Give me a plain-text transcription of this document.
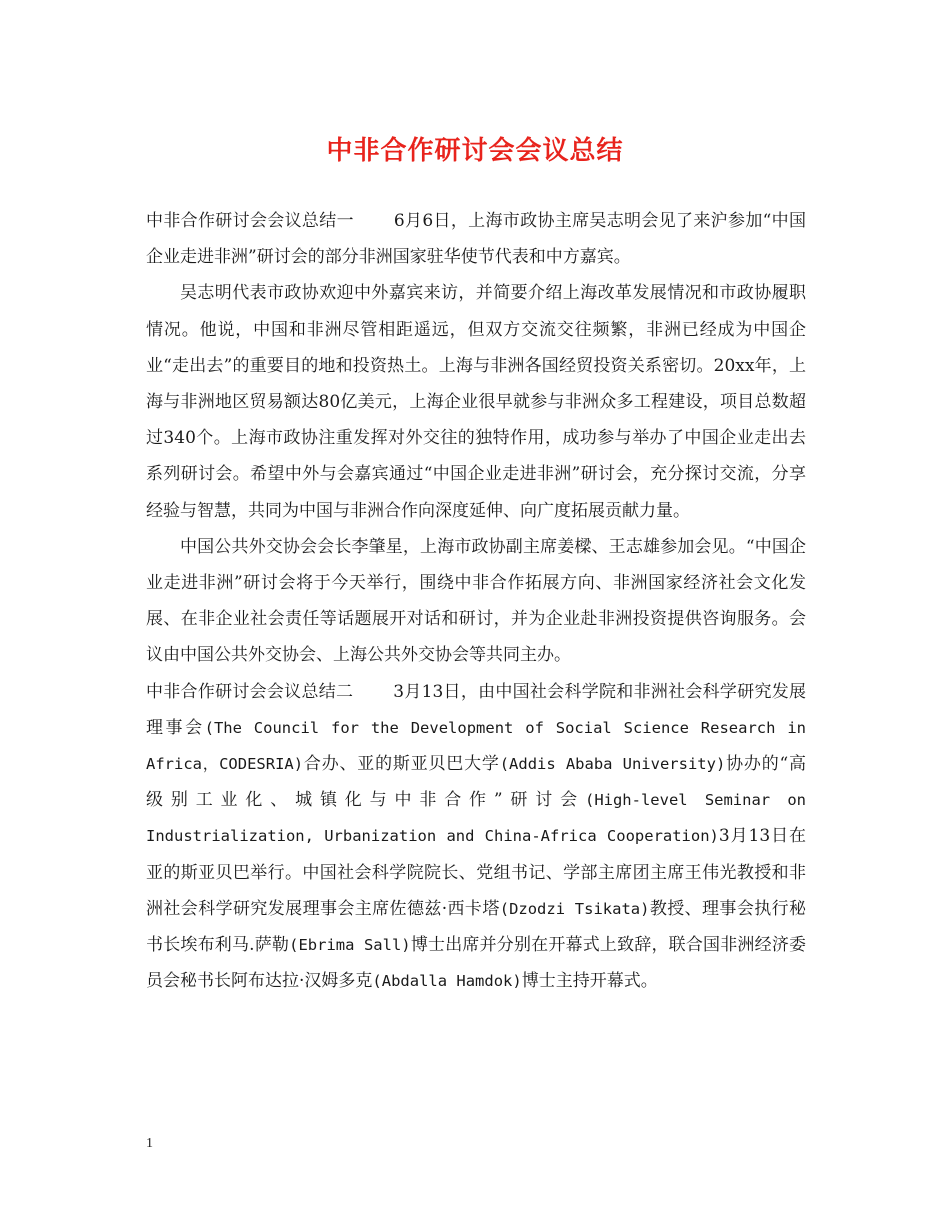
中非合作研讨会会议总结

中非合作研讨会会议总结一 6月6日，上海市政协主席吴志明会见了来沪参加“中国企业走进非洲”研讨会的部分非洲国家驻华使节代表和中方嘉宾。

吴志明代表市政协欢迎中外嘉宾来访，并简要介绍上海改革发展情况和市政协履职情况。他说，中国和非洲尽管相距遥远，但双方交流交往频繁，非洲已经成为中国企业“走出去”的重要目的地和投资热土。上海与非洲各国经贸投资关系密切。20xx年，上海与非洲地区贸易额达80亿美元，上海企业很早就参与非洲众多工程建设，项目总数超过340个。上海市政协注重发挥对外交往的独特作用，成功参与举办了中国企业走出去系列研讨会。希望中外与会嘉宾通过“中国企业走进非洲”研讨会，充分探讨交流，分享经验与智慧，共同为中国与非洲合作向深度延伸、向广度拓展贡献力量。

中国公共外交协会会长李肇星，上海市政协副主席姜樑、王志雄参加会见。“中国企业走进非洲”研讨会将于今天举行，围绕中非合作拓展方向、非洲国家经济社会文化发展、在非企业社会责任等话题展开对话和研讨，并为企业赴非洲投资提供咨询服务。会议由中国公共外交协会、上海公共外交协会等共同主办。

中非合作研讨会会议总结二 3月13日，由中国社会科学院和非洲社会科学研究发展理事会(The Council for the Development of Social Science Research in Africa，CODESRIA)合办、亚的斯亚贝巴大学(Addis Ababa University)协办的“高级别工业化、城镇化与中非合作”研讨会(High-level Seminar on Industrialization, Urbanization and China-Africa Cooperation)3月13日在亚的斯亚贝巴举行。中国社会科学院院长、党组书记、学部主席团主席王伟光教授和非洲社会科学研究发展理事会主席佐德兹·西卡塔(Dzodzi Tsikata)教授、理事会执行秘书长埃布利马.萨勒(Ebrima Sall)博士出席并分别在开幕式上致辞，联合国非洲经济委员会秘书长阿布达拉·汉姆多克(Abdalla Hamdok)博士主持开幕式。

1
